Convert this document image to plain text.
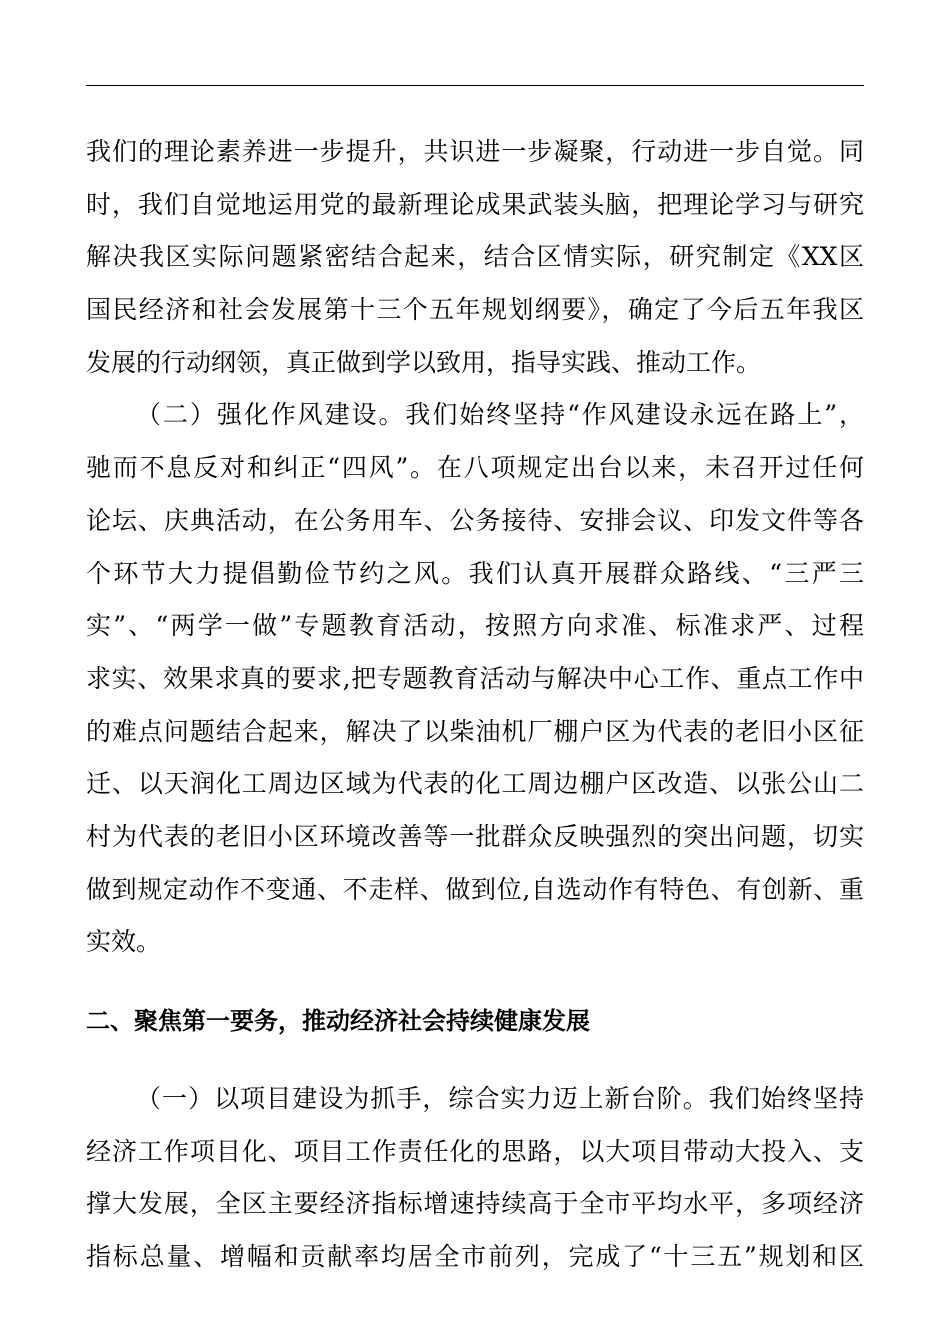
我们的理论素养进一步提升，共识进一步凝聚，行动进一步自觉。同
时，我们自觉地运用党的最新理论成果武装头脑，把理论学习与研究
解决我区实际问题紧密结合起来，结合区情实际，研究制定《XX区
国民经济和社会发展第十三个五年规划纲要》，确定了今后五年我区
发展的行动纲领，真正做到学以致用，指导实践、推动工作。
（二）强化作风建设。我们始终坚持“作风建设永远在路上”，
驰而不息反对和纠正“四风”。在八项规定出台以来，未召开过任何
论坛、庆典活动，在公务用车、公务接待、安排会议、印发文件等各
个环节大力提倡勤俭节约之风。我们认真开展群众路线、“三严三
实”、“两学一做”专题教育活动，按照方向求准、标准求严、过程
求实、效果求真的要求,把专题教育活动与解决中心工作、重点工作中
的难点问题结合起来，解决了以柴油机厂棚户区为代表的老旧小区征
迁、以天润化工周边区域为代表的化工周边棚户区改造、以张公山二
村为代表的老旧小区环境改善等一批群众反映强烈的突出问题，切实
做到规定动作不变通、不走样、做到位,自选动作有特色、有创新、重
实效。
二、聚焦第一要务，推动经济社会持续健康发展
（一）以项目建设为抓手，综合实力迈上新台阶。我们始终坚持
经济工作项目化、项目工作责任化的思路，以大项目带动大投入、支
撑大发展，全区主要经济指标增速持续高于全市平均水平，多项经济
指标总量、增幅和贡献率均居全市前列，完成了“十三五”规划和区
